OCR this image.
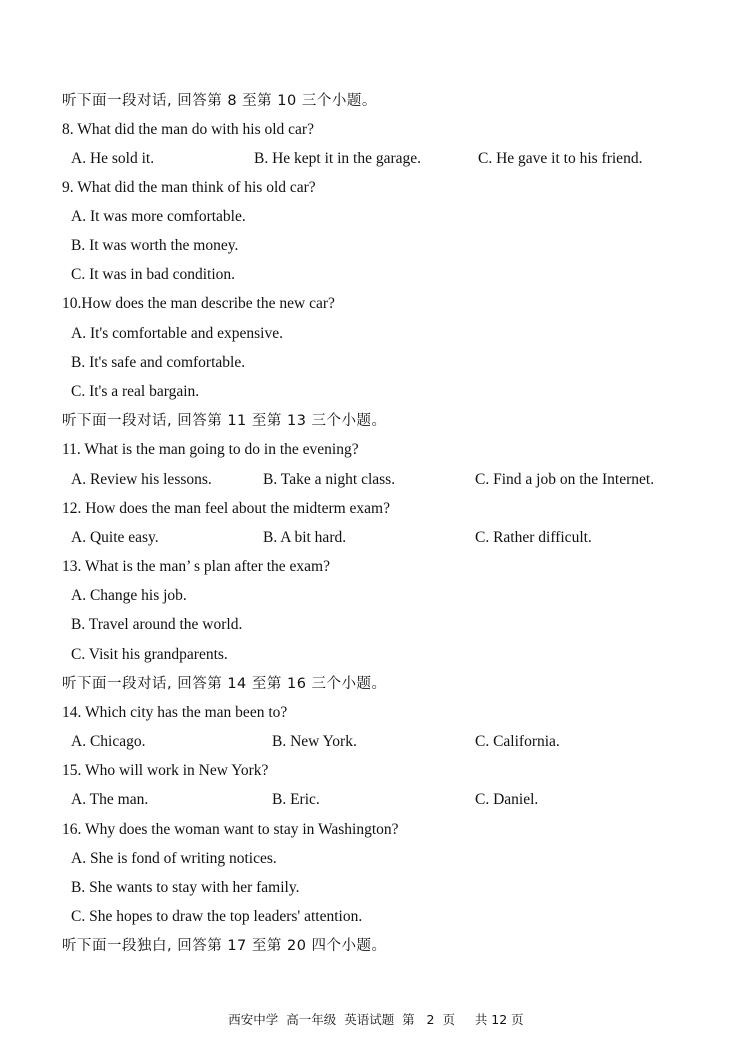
听下面一段对话, 回答第 8 至第 10 三个小题。
8. What did the man do with his old car?
A. He sold it.	B. He kept it in the garage.	C. He gave it to his friend.
9. What did the man think of his old car?
A. It was more comfortable.
B. It was worth the money.
C. It was in bad condition.
10.How does the man describe the new car?
A. It's comfortable and expensive.
B. It's safe and comfortable.
C. It's a real bargain.
听下面一段对话, 回答第 11 至第 13 三个小题。
11. What is the man going to do in the evening?
A. Review his lessons.	B. Take a night class.	C. Find a job on the Internet.
12. How does the man feel about the midterm exam?
A. Quite easy.	B. A bit hard.	C. Rather difficult.
13. What is the man’ s plan after the exam?
A. Change his job.
B. Travel around the world.
C. Visit his grandparents.
听下面一段对话, 回答第 14 至第 16 三个小题。
14. Which city has the man been to?
A. Chicago.	B. New York.	C. California.
15. Who will work in New York?
A. The man.	B. Eric.	C. Daniel.
16. Why does the woman want to stay in Washington?
A. She is fond of writing notices.
B. She wants to stay with her family.
C. She hopes to draw the top leaders' attention.
听下面一段独白, 回答第 17 至第 20 四个小题。
西安中学  高一年级  英语试题  第   2  页     共 12 页
